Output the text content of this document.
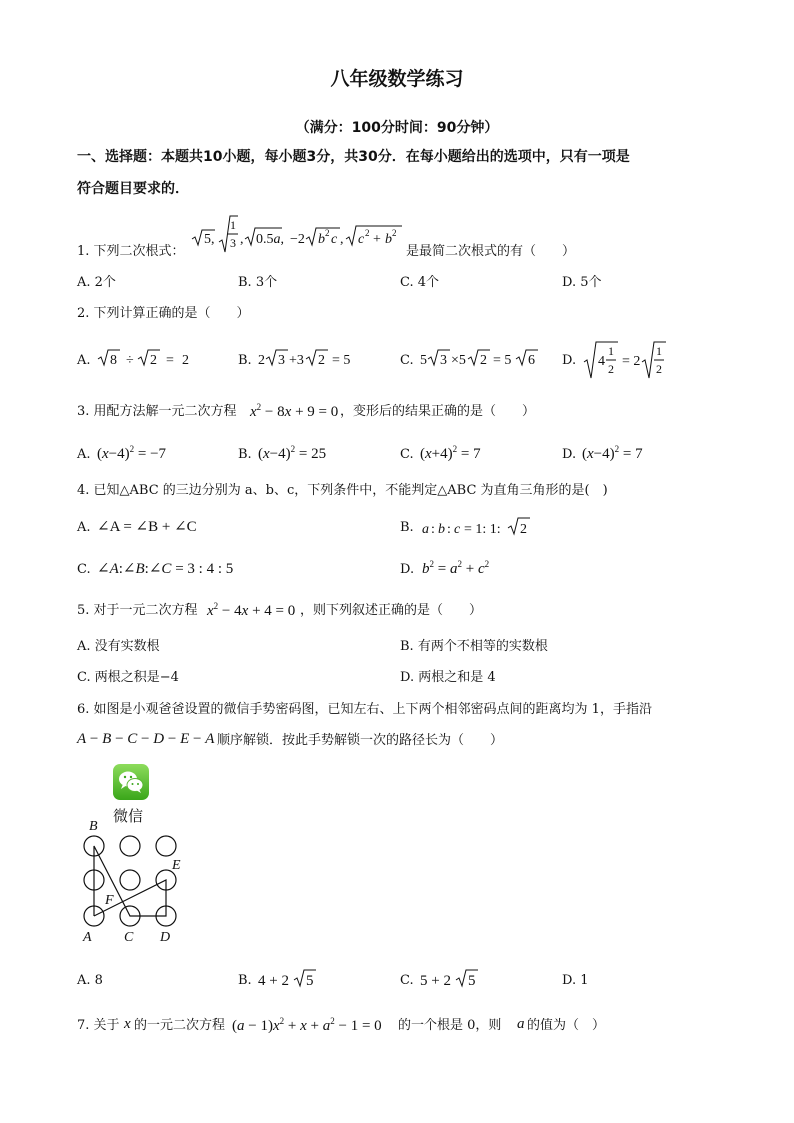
八年级数学练习
（满分：100分时间：90分钟）
一、选择题：本题共10小题，每小题3分，共30分．在每小题给出的选项中，只有一项是
符合题目要求的．
1. 下列二次根式：
5,
1
3 , 0.5a, −2 b 2 c , c 2 + b 2
是最简二次根式的有（　　）
A. 2个	B. 3个	C. 4个	D. 5个
2. 下列计算正确的是（　　）
A. 8 ÷ 2 = 2	B. 2 3 +3 2 = 5	C. 5 3 ×5 2 = 5 6 D. 4
1
2 = 2
1
2
3. 用配方法解一元二次方程 $x^2 - 8x + 9 = 0$ ，变形后的结果正确的是（　　）
A. $(x-4)^2 = -7$	B. $(x-4)^2 = 25$	C. $(x+4)^2 = 7$	D. $(x-4)^2 = 7$
4. 已知△ABC 的三边分别为 a、b、c，下列条件中，不能判定△ABC 为直角三角形的是(　)
A. ∠A = ∠B + ∠C	B. a : b : c = 1: 1: 2
C. ∠A:∠B:∠C = 3 : 4 : 5	D. $b^2 = a^2 + c^2$
5. 对于一元二次方程 $x^2 - 4x + 4 = 0$ ，则下列叙述正确的是（　　）
A. 没有实数根	B. 有两个不相等的实数根
C. 两根之积是−4	D. 两根之和是 4
6. 如图是小观爸爸设置的微信手势密码图，已知左右、上下两个相邻密码点间的距离均为 1，手指沿
A − B − C − D − E − A 顺序解锁．按此手势解锁一次的路径长为（　　）
微信
B
E
F
A C D
A. 8	B. 4 + 2 5	C. 5 + 2 5	D. 1
7. 关于 x 的一元二次方程 $(a - 1)x^2 + x + a^2 - 1 = 0$ 的一个根是 0，则 a 的值为（　）
